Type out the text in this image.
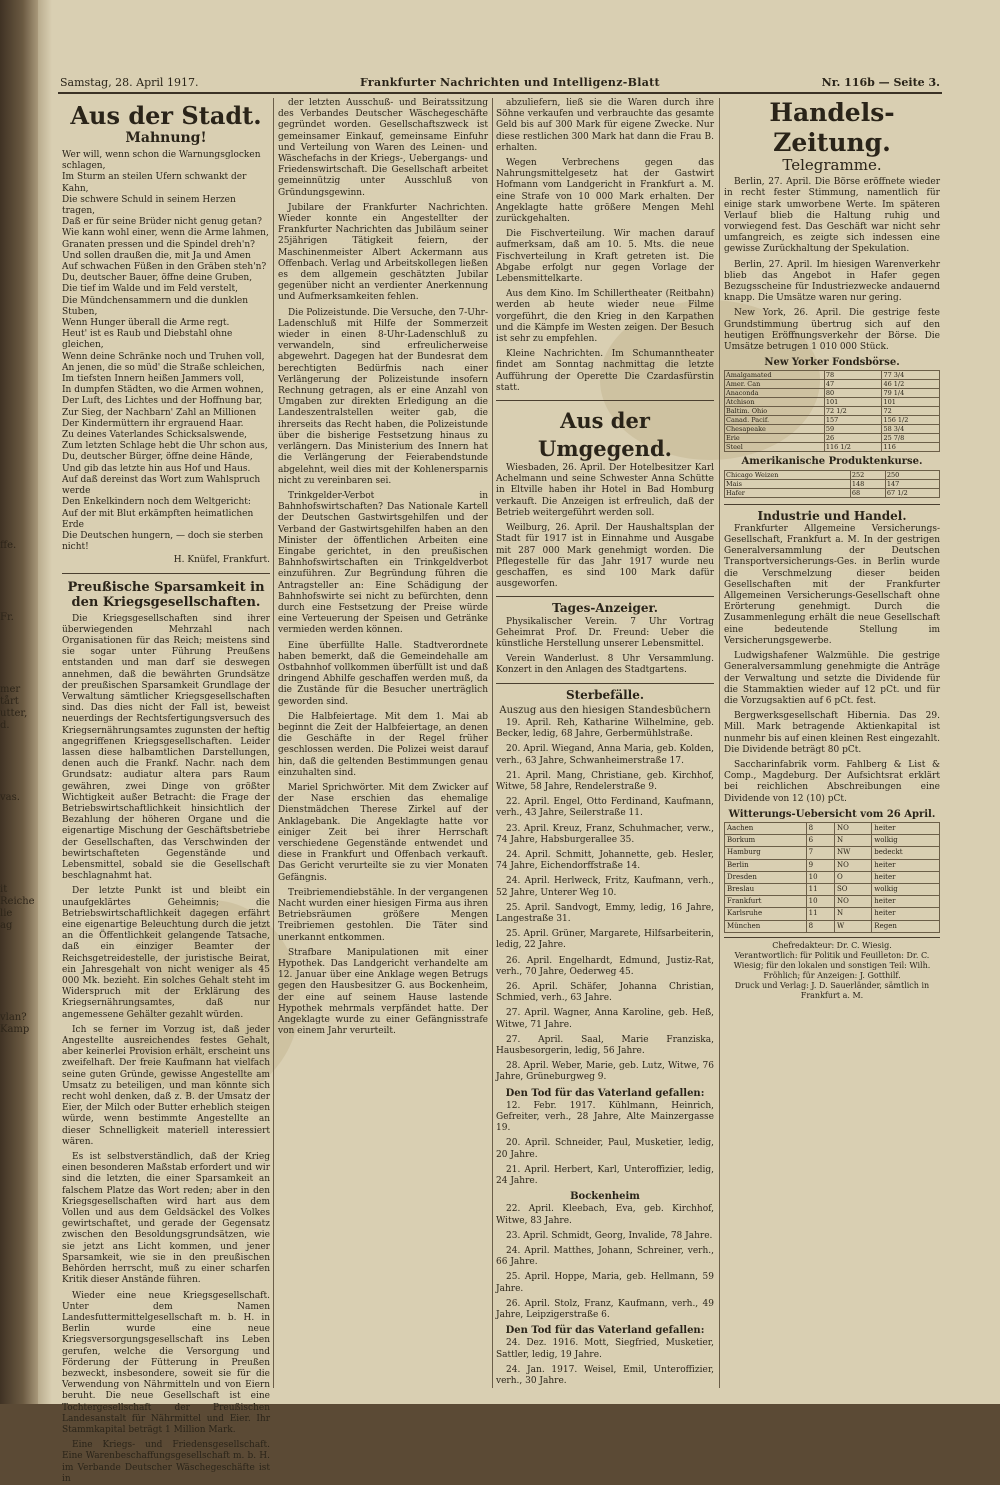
ffe.
Fr.
mer
tårt
utter,
d.
vas.
it
Reiche
lie
ag
vlan?
Kamp
Samstag, 28. April 1917.	Frankfurter Nachrichten und Intelligenz-Blatt	Nr. 116b — Seite 3.
Aus der Stadt.
Mahnung!

Wer will, wenn schon die Warnungsglocken schlagen,

Im Sturm an steilen Ufern schwankt der Kahn,

Die schwere Schuld in seinem Herzen tragen,

Daß er für seine Brüder nicht genug getan?

Wie kann wohl einer, wenn die Arme lahmen,

Granaten pressen und die Spindel dreh'n?

Und sollen draußen die, mit Ja und Amen

Auf schwachen Füßen in den Gräben steh'n?

Du, deutscher Bauer, öffne deine Gruben,

Die tief im Walde und im Feld verstelt,

Die Mündchensammern und die dunklen Stuben,

Wenn Hunger überall die Arme regt.

Heut' ist es Raub und Diebstahl ohne gleichen,

Wenn deine Schränke noch und Truhen voll,

An jenen, die so müd' die Straße schleichen,

Im tiefsten Innern heißen Jammers voll,

In dumpfen Städten, wo die Armen wohnen,

Der Luft, des Lichtes und der Hoffnung bar,

Zur Sieg, der Nachbarn' Zahl an Millionen

Der Kindermüttern ihr ergrauend Haar.

Zu deines Vaterlandes Schicksalswende,

Zum letzten Schlage hebt die Uhr schon aus,

Du, deutscher Bürger, öffne deine Hände,

Und gib das letzte hin aus Hof und Haus.

Auf daß dereinst das Wort zum Wahlspruch werde

Den Enkelkindern noch dem Weltgericht:

Auf der mit Blut erkämpften heimatlichen Erde

Die Deutschen hungern, — doch sie sterben nicht!

H. Knüfel, Frankfurt.
Preußische Sparsamkeit in den Kriegsgesellschaften.

Die Kriegsgesellschaften sind ihrer überwiegenden Mehrzahl nach Organisationen für das Reich; meistens sind sie sogar unter Führung Preußens entstanden und man darf sie deswegen annehmen, daß die bewährten Grundsätze der preußischen Sparsamkeit Grundlage der Verwaltung sämtlicher Kriegsgesellschaften sind. Das dies nicht der Fall ist, beweist neuerdings der Rechtsfertigungsversuch des Kriegsernährungsamtes zugunsten der heftig angegriffenen Kriegsgesellschaften. Leider lassen diese halbamtlichen Darstellungen, denen auch die Frankf. Nachr. nach dem Grundsatz: audiatur altera pars Raum gewähren, zwei Dinge von größter Wichtigkeit außer Betracht: die Frage der Betriebswirtschaftlichkeit hinsichtlich der Bezahlung der höheren Organe und die eigenartige Mischung der Geschäftsbetriebe der Gesellschaften, das Verschwinden der bewirtschafteten Gegenstände und Lebensmittel, sobald sie die Gesellschaft beschlagnahmt hat.

Der letzte Punkt ist und bleibt ein unaufgeklärtes Geheimnis; die Betriebswirtschaftlichkeit dagegen erfährt eine eigenartige Beleuchtung durch die jetzt an die Öffentlichkeit gelangende Tatsache, daß ein einziger Beamter der Reichsgetreidestelle, der juristische Beirat, ein Jahresgehalt von nicht weniger als 45 000 Mk. bezieht. Ein solches Gehalt steht im Widerspruch mit der Erklärung des Kriegsernährungsamtes, daß nur angemessene Gehälter gezahlt würden.

Ich se ferner im Vorzug ist, daß jeder Angestellte ausreichendes festes Gehalt, aber keinerlei Provision erhält, erscheint uns zweifelhaft. Der freie Kaufmann hat vielfach seine guten Gründe, gewisse Angestellte am Umsatz zu beteiligen, und man könnte sich recht wohl denken, daß z. B. der Umsatz der Eier, der Milch oder Butter erheblich steigen würde, wenn bestimmte Angestellte an dieser Schnelligkeit materiell interessiert wären.

Es ist selbstverständlich, daß der Krieg einen besonderen Maßstab erfordert und wir sind die letzten, die einer Sparsamkeit an falschem Platze das Wort reden; aber in den Kriegsgesellschaften wird hart aus dem Vollen und aus dem Geldsäckel des Volkes gewirtschaftet, und gerade der Gegensatz zwischen den Besoldungsgrundsätzen, wie sie jetzt ans Licht kommen, und jener Sparsamkeit, wie sie in den preußischen Behörden herrscht, muß zu einer scharfen Kritik dieser Anstände führen.

Wieder eine neue Kriegsgesellschaft. Unter dem Namen Landesfuttermittelgesellschaft m. b. H. in Berlin wurde eine neue Kriegsversorgungsgesellschaft ins Leben gerufen, welche die Versorgung und Förderung der Fütterung in Preußen bezweckt, insbesondere, soweit sie für die Verwendung von Nährmitteln und von Eiern beruht. Die neue Gesellschaft ist eine Tochtergesellschaft der Preußischen Landesanstalt für Nährmittel und Eier. Ihr Stammkapital beträgt 1 Million Mark.

Eine Kriegs- und Friedensgesellschaft. Eine Warenbeschaffungsgesellschaft m. b. H. im Verbande Deutscher Wäschegeschäfte ist in

der letzten Ausschuß- und Beiratssitzung des Verbandes Deutscher Wäschegeschäfte gegründet worden. Gesellschaftszweck ist gemeinsamer Einkauf, gemeinsame Einfuhr und Verteilung von Waren des Leinen- und Wäschefachs in der Kriegs-, Uebergangs- und Friedenswirtschaft. Die Gesellschaft arbeitet gemeinnützig unter Ausschluß von Gründungsgewinn.

Jubilare der Frankfurter Nachrichten. Wieder konnte ein Angestellter der Frankfurter Nachrichten das Jubiläum seiner 25jährigen Tätigkeit feiern, der Maschinenmeister Albert Ackermann aus Offenbach. Verlag und Arbeitskollegen ließen es dem allgemein geschätzten Jubilar gegenüber nicht an verdienter Anerkennung und Aufmerksamkeiten fehlen.

Die Polizeistunde. Die Versuche, den 7-Uhr-Ladenschluß mit Hilfe der Sommerzeit wieder in einen 8-Uhr-Ladenschluß zu verwandeln, sind erfreulicherweise abgewehrt. Dagegen hat der Bundesrat dem berechtigten Bedürfnis nach einer Verlängerung der Polizeistunde insofern Rechnung getragen, als er eine Anzahl von Umgaben zur direkten Erledigung an die Landeszentralstellen weiter gab, die ihrerseits das Recht haben, die Polizeistunde über die bisherige Festsetzung hinaus zu verlängern. Das Ministerium des Innern hat die Verlängerung der Feierabendstunde abgelehnt, weil dies mit der Kohlenersparnis nicht zu vereinbaren sei.

Trinkgelder-Verbot in Bahnhofswirtschaften? Das Nationale Kartell der Deutschen Gastwirtsgehilfen und der Verband der Gastwirtsgehilfen haben an den Minister der öffentlichen Arbeiten eine Eingabe gerichtet, in den preußischen Bahnhofswirtschaften ein Trinkgeldverbot einzuführen. Zur Begründung führen die Antragsteller an: Eine Schädigung der Bahnhofswirte sei nicht zu befürchten, denn durch eine Festsetzung der Preise würde eine Verteuerung der Speisen und Getränke vermieden werden können.

Eine überfüllte Halle. Stadtverordnete haben bemerkt, daß die Gemeindehalle am Ostbahnhof vollkommen überfüllt ist und daß dringend Abhilfe geschaffen werden muß, da die Zustände für die Besucher unerträglich geworden sind.

Die Halbfeiertage. Mit dem 1. Mai ab beginnt die Zeit der Halbfeiertage, an denen die Geschäfte in der Regel früher geschlossen werden. Die Polizei weist darauf hin, daß die geltenden Bestimmungen genau einzuhalten sind.

Mariel Sprichwörter. Mit dem Zwicker auf der Nase erschien das ehemalige Dienstmädchen Therese Zirkel auf der Anklagebank. Die Angeklagte hatte vor einiger Zeit bei ihrer Herrschaft verschiedene Gegenstände entwendet und diese in Frankfurt und Offenbach verkauft. Das Gericht verurteilte sie zu vier Monaten Gefängnis.

Treibriemendiebstähle. In der vergangenen Nacht wurden einer hiesigen Firma aus ihren Betriebsräumen größere Mengen Treibriemen gestohlen. Die Täter sind unerkannt entkommen.

Strafbare Manipulationen mit einer Hypothek. Das Landgericht verhandelte am 12. Januar über eine Anklage wegen Betrugs gegen den Hausbesitzer G. aus Bockenheim, der eine auf seinem Hause lastende Hypothek mehrmals verpfändet hatte. Der Angeklagte wurde zu einer Gefängnisstrafe von einem Jahr verurteilt.

abzuliefern, ließ sie die Waren durch ihre Söhne verkaufen und verbrauchte das gesamte Geld bis auf 300 Mark für eigene Zwecke. Nur diese restlichen 300 Mark hat dann die Frau B. erhalten.

Wegen Verbrechens gegen das Nahrungsmittelgesetz hat der Gastwirt Hofmann vom Landgericht in Frankfurt a. M. eine Strafe von 10 000 Mark erhalten. Der Angeklagte hatte größere Mengen Mehl zurückgehalten.

Die Fischverteilung. Wir machen darauf aufmerksam, daß am 10. 5. Mts. die neue Fischverteilung in Kraft getreten ist. Die Abgabe erfolgt nur gegen Vorlage der Lebensmittelkarte.

Aus dem Kino. Im Schillertheater (Reitbahn) werden ab heute wieder neue Filme vorgeführt, die den Krieg in den Karpathen und die Kämpfe im Westen zeigen. Der Besuch ist sehr zu empfehlen.

Kleine Nachrichten. Im Schumanntheater findet am Sonntag nachmittag die letzte Aufführung der Operette Die Czardasfürstin statt.

Aus der Umgegend.

Wiesbaden, 26. April. Der Hotelbesitzer Karl Achelmann und seine Schwester Anna Schütte in Eltville haben ihr Hotel in Bad Homburg verkauft. Die Anzeigen ist erfreulich, daß der Betrieb weitergeführt werden soll.

Weilburg, 26. April. Der Haushaltsplan der Stadt für 1917 ist in Einnahme und Ausgabe mit 287 000 Mark genehmigt worden. Die Pflegestelle für das Jahr 1917 wurde neu geschaffen, es sind 100 Mark dafür ausgeworfen.

Tages-Anzeiger.

Physikalischer Verein. 7 Uhr Vortrag Geheimrat Prof. Dr. Freund: Ueber die künstliche Herstellung unserer Lebensmittel.

Verein Wanderlust. 8 Uhr Versammlung. Konzert in den Anlagen des Stadtgartens.

Sterbefälle.
Auszug aus den hiesigen Standesbüchern

19. April. Reh, Katharine Wilhelmine, geb. Becker, ledig, 68 Jahre, Gerbermühlstraße.

20. April. Wiegand, Anna Maria, geb. Kolden, verh., 63 Jahre, Schwanheimerstraße 17.

21. April. Mang, Christiane, geb. Kirchhof, Witwe, 58 Jahre, Rendelerstraße 9.

22. April. Engel, Otto Ferdinand, Kaufmann, verh., 43 Jahre, Seilerstraße 11.

23. April. Kreuz, Franz, Schuhmacher, verw., 74 Jahre, Habsburgerallee 35.

24. April. Schmitt, Johannette, geb. Hesler, 74 Jahre, Eichendorffstraße 14.

24. April. Herlweck, Fritz, Kaufmann, verh., 52 Jahre, Unterer Weg 10.

25. April. Sandvogt, Emmy, ledig, 16 Jahre, Langestraße 31.

25. April. Grüner, Margarete, Hilfsarbeiterin, ledig, 22 Jahre.

26. April. Engelhardt, Edmund, Justiz-Rat, verh., 70 Jahre, Oederweg 45.

26. April. Schäfer, Johanna Christian, Schmied, verh., 63 Jahre.

27. April. Wagner, Anna Karoline, geb. Heß, Witwe, 71 Jahre.

27. April. Saal, Marie Franziska, Hausbesorgerin, ledig, 56 Jahre.

28. April. Weber, Marie, geb. Lutz, Witwe, 76 Jahre, Grüneburgweg 9.

Den Tod für das Vaterland gefallen:

12. Febr. 1917. Kühlmann, Heinrich, Gefreiter, verh., 28 Jahre, Alte Mainzergasse 19.

20. April. Schneider, Paul, Musketier, ledig, 20 Jahre.

21. April. Herbert, Karl, Unteroffizier, ledig, 24 Jahre.

Bockenheim

22. April. Kleebach, Eva, geb. Kirchhof, Witwe, 83 Jahre.

23. April. Schmidt, Georg, Invalide, 78 Jahre.

24. April. Matthes, Johann, Schreiner, verh., 66 Jahre.

25. April. Hoppe, Maria, geb. Hellmann, 59 Jahre.

26. April. Stolz, Franz, Kaufmann, verh., 49 Jahre, Leipzigerstraße 6.

Den Tod für das Vaterland gefallen:

24. Dez. 1916. Mott, Siegfried, Musketier, Sattler, ledig, 19 Jahre.

24. Jan. 1917. Weisel, Emil, Unteroffizier, verh., 30 Jahre.

Handels-Zeitung.
Telegramme.

Berlin, 27. April. Die Börse eröffnete wieder in recht fester Stimmung, namentlich für einige stark umworbene Werte. Im späteren Verlauf blieb die Haltung ruhig und vorwiegend fest. Das Geschäft war nicht sehr umfangreich, es zeigte sich indessen eine gewisse Zurückhaltung der Spekulation.

Berlin, 27. April. Im hiesigen Warenverkehr blieb das Angebot in Hafer gegen Bezugsscheine für Industriezwecke andauernd knapp. Die Umsätze waren nur gering.

New York, 26. April. Die gestrige feste Grundstimmung übertrug sich auf den heutigen Eröffnungsverkehr der Börse. Die Umsätze betrugen 1 010 000 Stück.

New Yorker Fondsbörse.
Amalgamated	78	77 3/4
Amer. Can	47	46 1/2
Anaconda	80	79 1/4
Atchison	101	101
Baltim. Ohio	72 1/2	72
Canad. Pacif.	157	156 1/2
Chesapeake	59	58 3/4
Erie	26	25 7/8
Steel	116 1/2	116
Amerikanische Produktenkurse.
Chicago Weizen	252	250
Mais	148	147
Hafer	68	67 1/2
Industrie und Handel.

Frankfurter Allgemeine Versicherungs-Gesellschaft, Frankfurt a. M. In der gestrigen Generalversammlung der Deutschen Transportversicherungs-Ges. in Berlin wurde die Verschmelzung dieser beiden Gesellschaften mit der Frankfurter Allgemeinen Versicherungs-Gesellschaft ohne Erörterung genehmigt. Durch die Zusammenlegung erhält die neue Gesellschaft eine bedeutende Stellung im Versicherungsgewerbe.

Ludwigshafener Walzmühle. Die gestrige Generalversammlung genehmigte die Anträge der Verwaltung und setzte die Dividende für die Stammaktien wieder auf 12 pCt. und für die Vorzugsaktien auf 6 pCt. fest.

Bergwerksgesellschaft Hibernia. Das 29. Mill. Mark betragende Aktienkapital ist nunmehr bis auf einen kleinen Rest eingezahlt. Die Dividende beträgt 80 pCt.

Saccharinfabrik vorm. Fahlberg & List & Comp., Magdeburg. Der Aufsichtsrat erklärt bei reichlichen Abschreibungen eine Dividende von 12 (10) pCt.

Witterungs-Uebersicht vom 26 April.
Aachen	8	NO	heiter
Borkum	6	N	wolkig
Hamburg	7	NW	bedeckt
Berlin	9	NO	heiter
Dresden	10	O	heiter
Breslau	11	SO	wolkig
Frankfurt	10	NO	heiter
Karlsruhe	11	N	heiter
München	8	W	Regen
Chefredakteur: Dr. C. Wiesig.
Verantwortlich: für Politik und Feuilleton: Dr. C. Wiesig; für den lokalen und sonstigen Teil: Wilh. Fröhlich; für Anzeigen: J. Gotthilf.
Druck und Verlag: J. D. Sauerländer, sämtlich in Frankfurt a. M.
